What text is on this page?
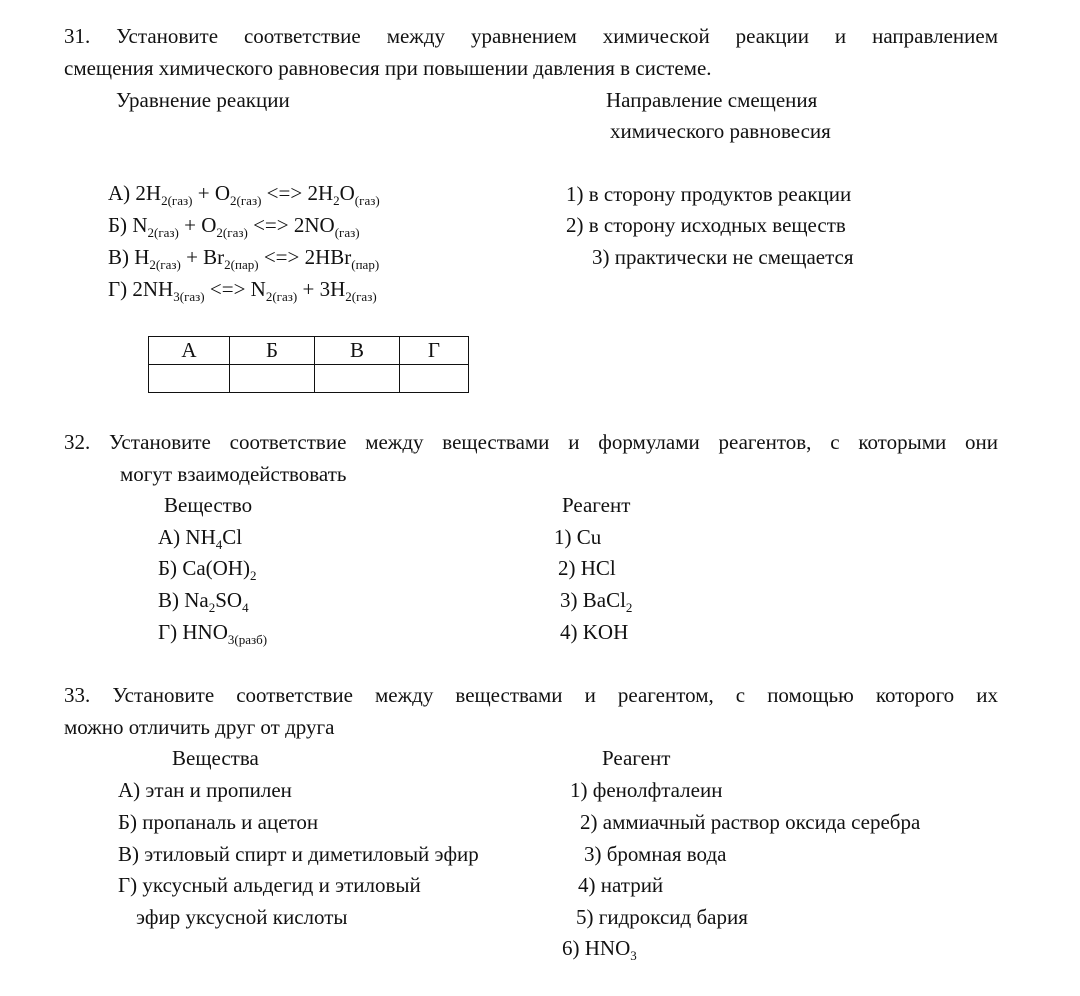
31. Установите соответствие между уравнением химической реакции и направлением
смещения химического равновесия при повышении давления в системе.
Уравнение реакции	Направление смещения
химического равновесия
А) $2H_{2(газ)} + O_{2(газ)}$ <=> $2H_2O_{(газ)}$
Б) $N_{2(газ)} + O_{2(газ)}$ <=> $2NO_{(газ)}$
В) $H_{2(газ)} + Br_{2(пар)}$ <=> 2HBr$_{(пар)}$
Г) $2NH_{3(газ)}$ <=> $N_{2(газ)} + 3H_{2(газ)}$
1) в сторону продуктов реакции
2) в сторону исходных веществ
3) практически не смещается
А	Б	В	Г

32. Установите соответствие между веществами и формулами реагентов, с которыми они
могут взаимодействовать
Вещество	Реагент
А) $NH_4Cl$
Б) $Ca(OH)_2$
В) $Na_2SO_4$
Г) $HNO_{3(разб)}$
1) Cu
2) HCl
3) BaCl$_2$
4) KOH
33. Установите соответствие между веществами и реагентом, с помощью которого их
можно отличить друг от друга
Вещества	Реагент
А) этан и пропилен
Б) пропаналь и ацетон
В) этиловый спирт и диметиловый эфир
Г) уксусный альдегид и этиловый
эфир уксусной кислоты
1) фенолфталеин
2) аммиачный раствор оксида серебра
3) бромная вода
4) натрий
5) гидроксид бария
6) $HNO_3$
